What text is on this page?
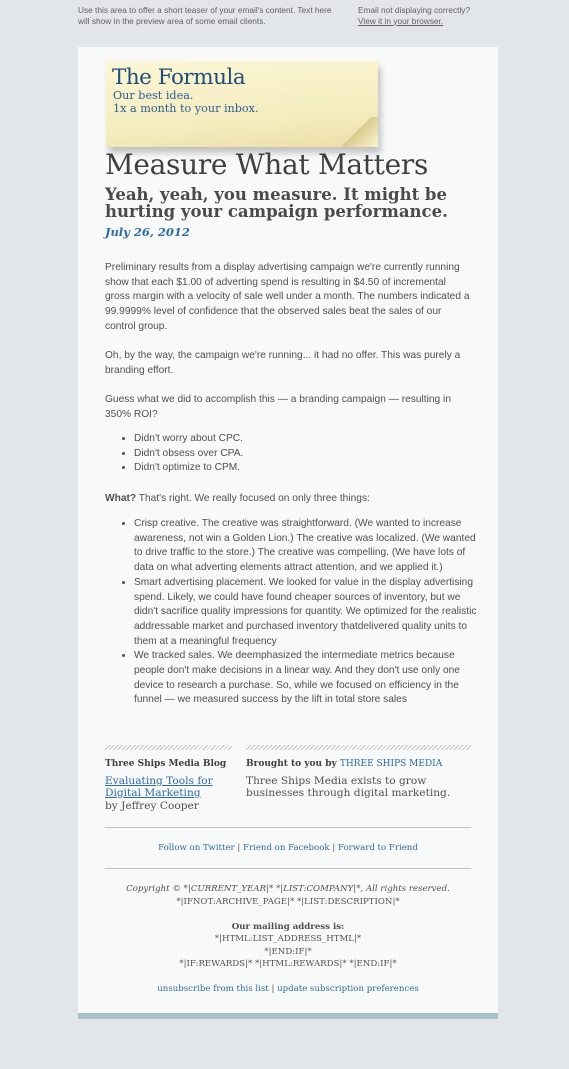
Use this area to offer a short teaser of your email's content. Text here will show in the preview area of some email clients.
Email not displaying correctly?
View it in your browser.
The Formula
Our best idea.
1x a month to your inbox.
Measure What Matters
Yeah, yeah, you measure. It might be hurting your campaign performance.
July 26, 2012

Preliminary results from a display advertising campaign we're currently running show that each $1.00 of adverting spend is resulting in $4.50 of incremental gross margin with a velocity of sale well under a month. The numbers indicated a 99.9999% level of confidence that the observed sales beat the sales of our control group.

Oh, by the way, the campaign we're running... it had no offer. This was purely a branding effort.

Guess what we did to accomplish this — a branding campaign — resulting in 350% ROI?

• Didn't worry about CPC.
• Didn't obsess over CPA.
• Didn't optimize to CPM.

What? That's right. We really focused on only three things:

• Crisp creative. The creative was straightforward. (We wanted to increase awareness, not win a Golden Lion.) The creative was localized. (We wanted to drive traffic to the store.) The creative was compelling. (We have lots of data on what adverting elements attract attention, and we applied it.)
• Smart advertising placement. We looked for value in the display advertising spend. Likely, we could have found cheaper sources of inventory, but we didn't sacrifice quality impressions for quantity. We optimized for the realistic addressable market and purchased inventory thatdelivered quality units to them at a meaningful frequency
• We tracked sales. We deemphasized the intermediate metrics because people don't make decisions in a linear way. And they don't use only one device to research a purchase. So, while we focused on efficiency in the funnel — we measured success by the lift in total store sales
Three Ships Media Blog
Evaluating Tools for Digital Marketing
by Jeffrey Cooper
Brought to you by THREE SHIPS MEDIA
Three Ships Media exists to grow businesses through digital marketing.
Follow on Twitter | Friend on Facebook | Forward to Friend
Copyright © *|CURRENT_YEAR|* *|LIST:COMPANY|*, All rights reserved.
*|IFNOT:ARCHIVE_PAGE|* *|LIST:DESCRIPTION|*
Our mailing address is:
*|HTML:LIST_ADDRESS_HTML|*
*|END:IF|*
*|IF:REWARDS|* *|HTML:REWARDS|* *|END:IF|*
unsubscribe from this list | update subscription preferences
